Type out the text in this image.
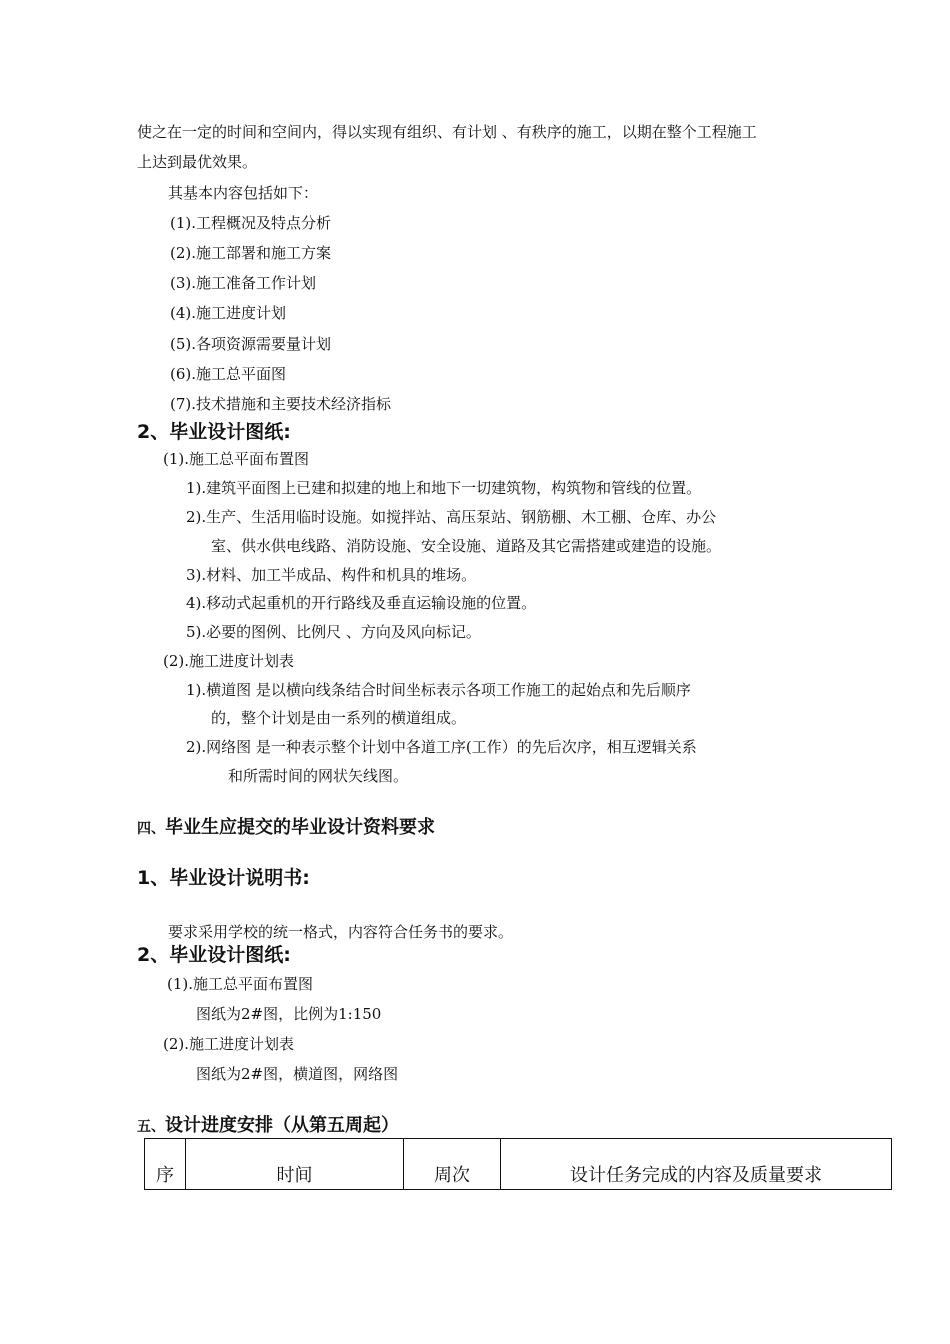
使之在一定的时间和空间内，得以实现有组织、有计划 、有秩序的施工，以期在整个工程施工
上达到最优效果。
其基本内容包括如下：
(1).工程概况及特点分析
(2).施工部署和施工方案
(3).施工准备工作计划
(4).施工进度计划
(5).各项资源需要量计划
(6).施工总平面图
(7).技术措施和主要技术经济指标
2、毕业设计图纸:
(1).施工总平面布置图
1).建筑平面图上已建和拟建的地上和地下一切建筑物，构筑物和管线的位置。
2).生产、生活用临时设施。如搅拌站、高压泵站、钢筋棚、木工棚、仓库、办公
室、供水供电线路、消防设施、安全设施、道路及其它需搭建或建造的设施。
3).材料、加工半成品、构件和机具的堆场。
4).移动式起重机的开行路线及垂直运输设施的位置。
5).必要的图例、比例尺 、方向及风向标记。
(2).施工进度计划表
1).横道图 是以横向线条结合时间坐标表示各项工作施工的起始点和先后顺序
的，整个计划是由一系列的横道组成。
2).网络图 是一种表示整个计划中各道工序(工作）的先后次序，相互逻辑关系
和所需时间的网状矢线图。
四、毕业生应提交的毕业设计资料要求
1、毕业设计说明书:
要求采用学校的统一格式，内容符合任务书的要求。
2、毕业设计图纸:
(1).施工总平面布置图
图纸为2#图，比例为1:150
(2).施工进度计划表
图纸为2#图，横道图，网络图
五、设计进度安排（从第五周起）
序	时间	周次	设计任务完成的内容及质量要求
